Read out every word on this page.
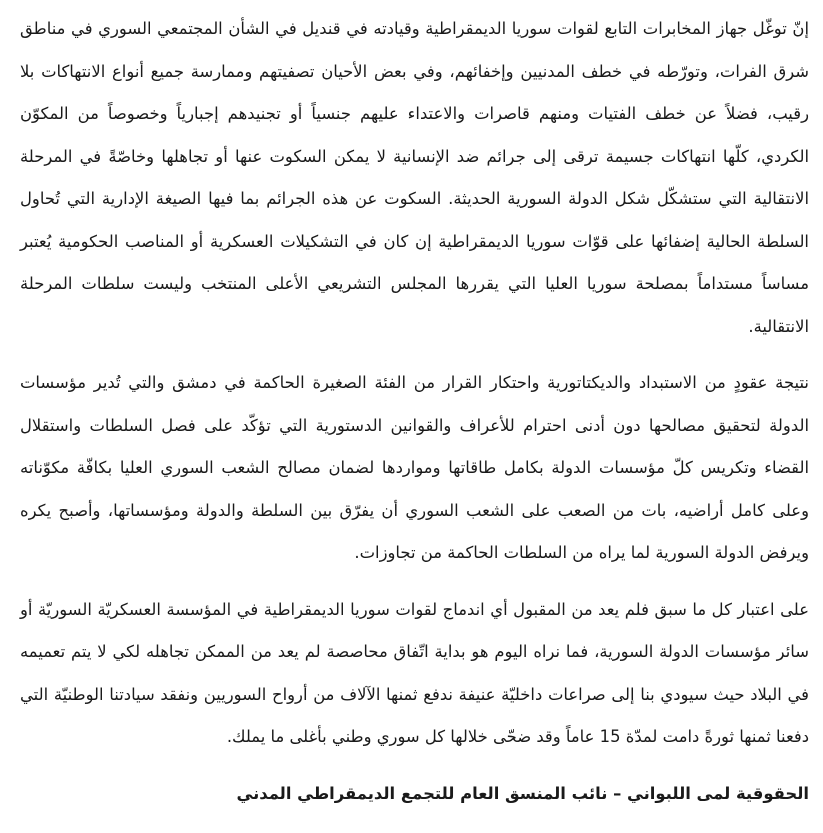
إنّ توغّل جهاز المخابرات التابع لقوات سوريا الديمقراطية وقيادته في قنديل في الشأن المجتمعي السوري في مناطق شرق الفرات، وتورّطه في خطف المدنيين وإخفائهم، وفي بعض الأحيان تصفيتهم وممارسة جميع أنواع الانتهاكات بلا رقيب، فضلاً عن خطف الفتيات ومنهم قاصرات والاعتداء عليهم جنسياً أو تجنيدهم إجبارياً وخصوصاً من المكوّن الكردي، كلّها انتهاكات جسيمة ترقى إلى جرائم ضد الإنسانية لا يمكن السكوت عنها أو تجاهلها وخاصّةً في المرحلة الانتقالية التي ستشكّل شكل الدولة السورية الحديثة. السكوت عن هذه الجرائم بما فيها الصيغة الإدارية التي تُحاول السلطة الحالية إضفائها على قوّات سوريا الديمقراطية إن كان في التشكيلات العسكرية أو المناصب الحكومية يُعتبر مساساً مستداماً بمصلحة سوريا العليا التي يقررها المجلس التشريعي الأعلى المنتخب وليست سلطات المرحلة الانتقالية.

نتيجة عقودٍ من الاستبداد والديكتاتورية واحتكار القرار من الفئة الصغيرة الحاكمة في دمشق والتي تُدير مؤسسات الدولة لتحقيق مصالحها دون أدنى احترام للأعراف والقوانين الدستورية التي تؤكّد على فصل السلطات واستقلال القضاء وتكريس كلّ مؤسسات الدولة بكامل طاقاتها ومواردها لضمان مصالح الشعب السوري العليا بكافّة مكوّناته وعلى كامل أراضيه، بات من الصعب على الشعب السوري أن يفرّق بين السلطة والدولة ومؤسساتها، وأصبح يكره ويرفض الدولة السورية لما يراه من السلطات الحاكمة من تجاوزات.

على اعتبار كل ما سبق فلم يعد من المقبول أي اندماج لقوات سوريا الديمقراطية في المؤسسة العسكريّة السوريّة أو سائر مؤسسات الدولة السورية، فما نراه اليوم هو بداية اتّفاق محاصصة لم يعد من الممكن تجاهله لكي لا يتم تعميمه في البلاد حيث سيودي بنا إلى صراعات داخليّة عنيفة ندفع ثمنها الآلاف من أرواح السوريين ونفقد سيادتنا الوطنيّة التي دفعنا ثمنها ثورةً دامت لمدّة 15 عاماً وقد ضحّى خلالها كل سوري وطني بأغلى ما يملك.

الحقوقية لمى اللبواني – نائب المنسق العام للتجمع الديمقراطي المدني
